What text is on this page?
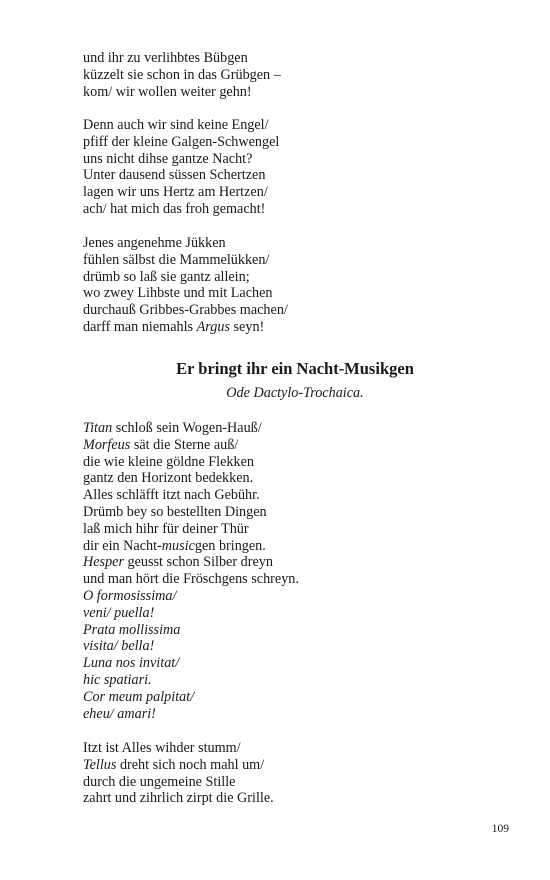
und ihr zu verlihbtes Bübgen
küzzelt sie schon in das Grübgen –
kom/ wir wollen weiter gehn!
Denn auch wir sind keine Engel/
pfiff der kleine Galgen-Schwengel
uns nicht dihse gantze Nacht?
Unter dausend süssen Schertzen
lagen wir uns Hertz am Hertzen/
ach/ hat mich das froh gemacht!
Jenes angenehme Jükken
fühlen sälbst die Mammelükken/
drümb so laß sie gantz allein;
wo zwey Lihbste und mit Lachen
durchauß Gribbes-Grabbes machen/
darff man niemahls Argus seyn!
Er bringt ihr ein Nacht-Musikgen
Ode Dactylo-Trochaica.
Titan schloß sein Wogen-Hauß/
Morfeus sät die Sterne auß/
die wie kleine göldne Flekken
gantz den Horizont bedekken.
Alles schläfft itzt nach Gebühr.
Drümb bey so bestellten Dingen
laß mich hihr für deiner Thür
dir ein Nacht-musicgen bringen.
Hesper geusst schon Silber dreyn
und man hört die Fröschgens schreyn.
O formosissima/
veni/ puella!
Prata mollissima
visita/ bella!
Luna nos invitat/
hic spatiari.
Cor meum palpitat/
eheu/ amari!
Itzt ist Alles wihder stumm/
Tellus dreht sich noch mahl um/
durch die ungemeine Stille
zahrt und zihrlich zirpt die Grille.
109
